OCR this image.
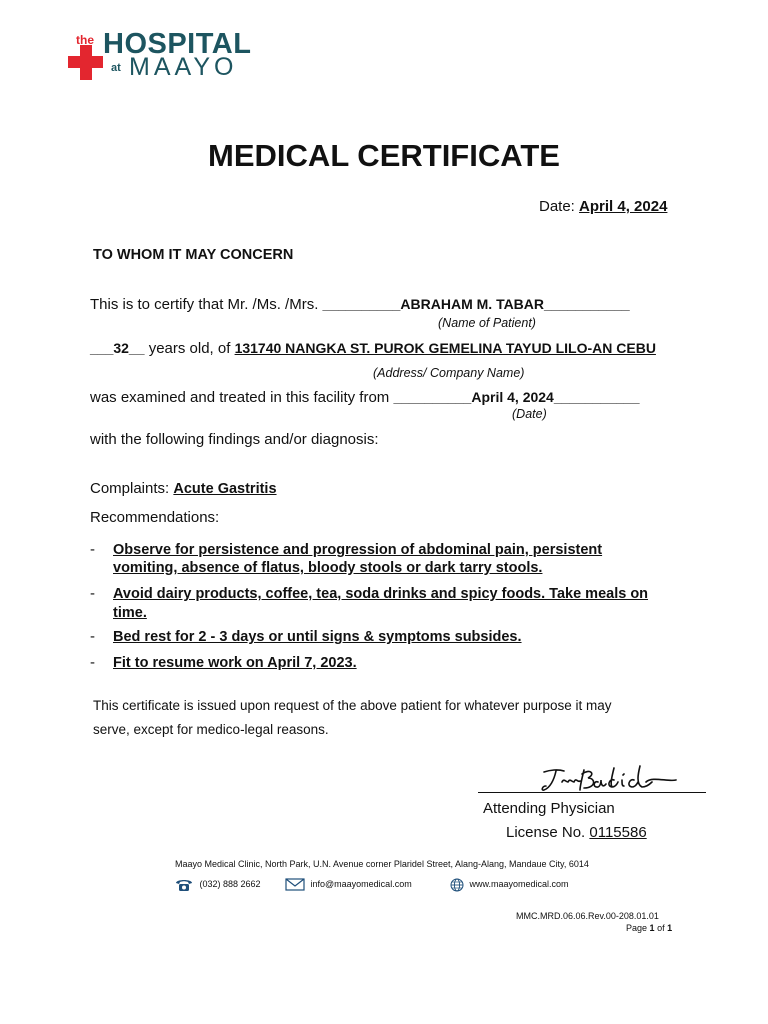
the HOSPITAL
at MAAYO
MEDICAL CERTIFICATE
Date: April 4, 2024
TO WHOM IT MAY CONCERN
This is to certify that Mr. /Ms. /Mrs. __________ABRAHAM M. TABAR___________
(Name of Patient)
___32__ years old, of 131740 NANGKA ST. PUROK GEMELINA TAYUD LILO-AN CEBU
(Address/ Company Name)
was examined and treated in this facility from __________April 4, 2024___________
(Date)
with the following findings and/or diagnosis:
Complaints: Acute Gastritis
Recommendations:
- Observe for persistence and progression of abdominal pain, persistent
vomiting, absence of flatus, bloody stools or dark tarry stools.
- Avoid dairy products, coffee, tea, soda drinks and spicy foods. Take meals on
time.
- Bed rest for 2 - 3 days or until signs & symptoms subsides.
- Fit to resume work on April 7, 2023.
This certificate is issued upon request of the above patient for whatever purpose it may
serve, except for medico-legal reasons.
Attending Physician
License No. 0115586
Maayo Medical Clinic, North Park, U.N. Avenue corner Plaridel Street, Alang-Alang, Mandaue City, 6014
(032) 888 2662	info@maayomedical.com	www.maayomedical.com
MMC.MRD.06.06.Rev.00-208.01.01
Page 1 of 1
